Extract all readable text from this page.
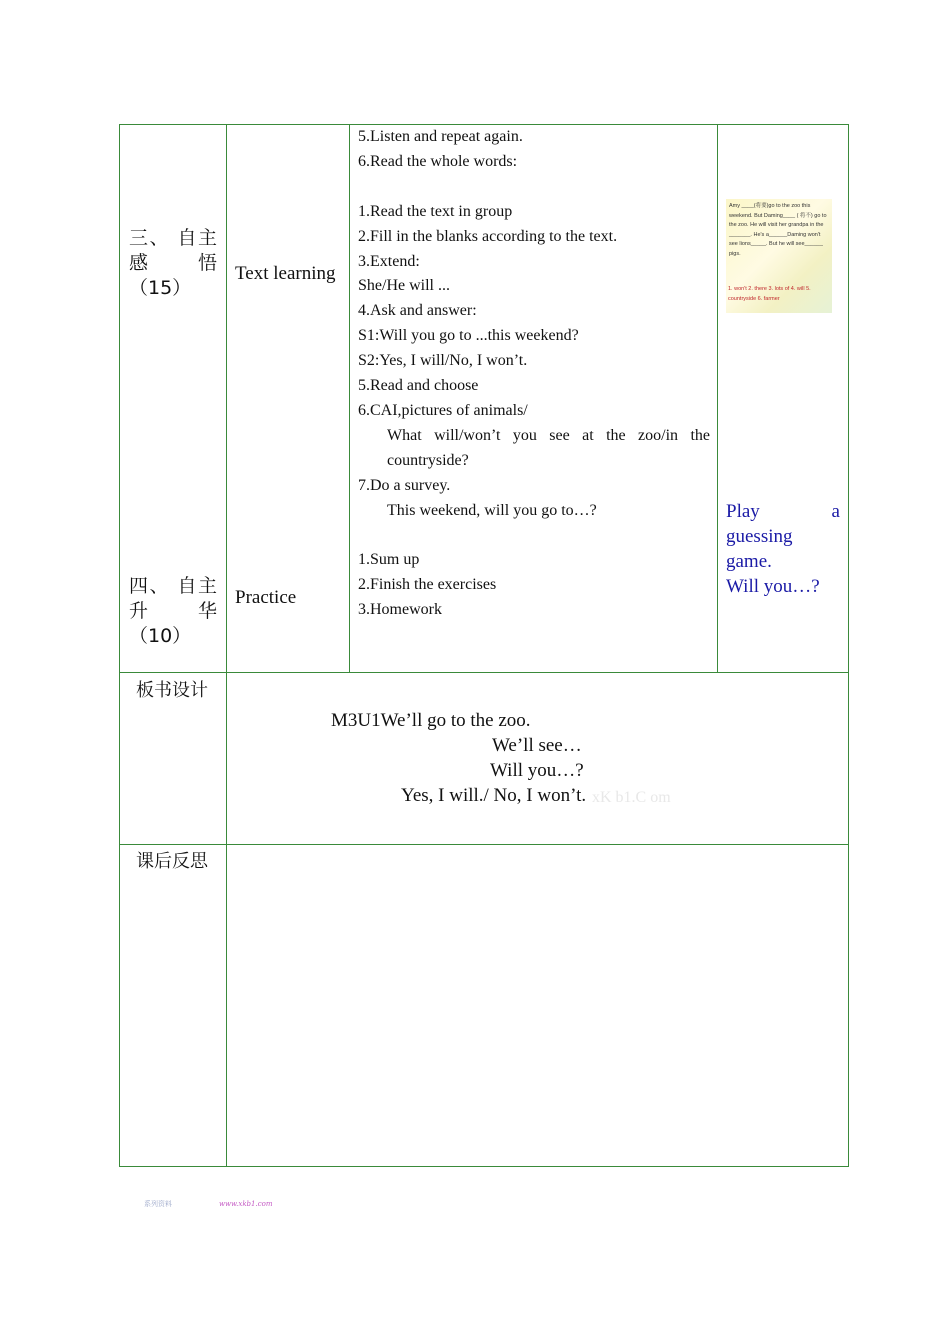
三、 自主
感 悟
（15）
Text learning
四、 自主
升 华
（10）
Practice
5.Listen and repeat again.
6.Read the whole words:
1.Read the text in group
2.Fill in the blanks according to the text.
3.Extend:
She/He will ...
4.Ask and answer:
S1:Will you go to ...this weekend?
S2:Yes, I will/No, I won’t.
5.Read and choose
6.CAI,pictures of animals/
What will/won’t you see at the zoo/in the
countryside?
7.Do a survey.
This weekend, will you go to…?
1.Sum up
2.Finish the exercises
3.Homework
Amy ____(将要)go to the zoo this weekend. But Daming____ ( 将不) go to the zoo. He will visit her grandpa in the _______. He's a______Daming won't see lions_____. But he will see______ pigs.
1. won't 2. there 3. lots of 4. will 5. countryside 6. farmer
Play a
guessing
game.
Will you…?
板书设计
M3U1We’ll go to the zoo.
We’ll see…
Will you…?
Yes, I will./ No, I won’t. xK b1.C om
课后反思
系列资料	www.xkb1.com
